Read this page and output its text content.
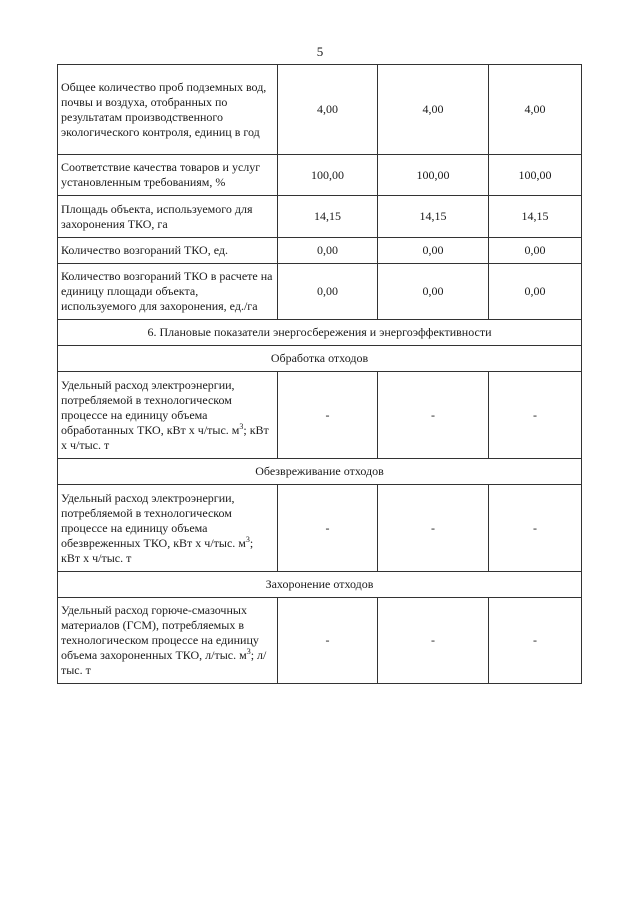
5
Общее количество проб подземных вод, почвы и воздуха, отобранных по результатам производственного экологического контроля, единиц в год	4,00	4,00	4,00
Соответствие качества товаров и услуг установленным требованиям, %	100,00	100,00	100,00
Площадь объекта, используемого для захоронения ТКО, га	14,15	14,15	14,15
Количество возгораний ТКО, ед.	0,00	0,00	0,00
Количество возгораний ТКО в расчете на единицу площади объекта, используемого для захоронения, ед./га	0,00	0,00	0,00
6. Плановые показатели энергосбережения и энергоэффективности			
Обработка отходов			
Удельный расход электроэнергии, потребляемой в технологическом процессе на единицу объема обработанных ТКО, кВт х ч/тыс. $м^3$; кВт х ч/тыс. т	-	-	-
Обезвреживание отходов			
Удельный расход электроэнергии, потребляемой в технологическом процессе на единицу объема обезвреженных ТКО, кВт х ч/тыс. $м^3$; кВт х ч/тыс. т	-	-	-
Захоронение отходов			
Удельный расход горюче-смазочных материалов (ГСМ), потребляемых в технологическом процессе на единицу объема захороненных ТКО, л/тыс. $м^3$; л/тыс. т	-	-	-
